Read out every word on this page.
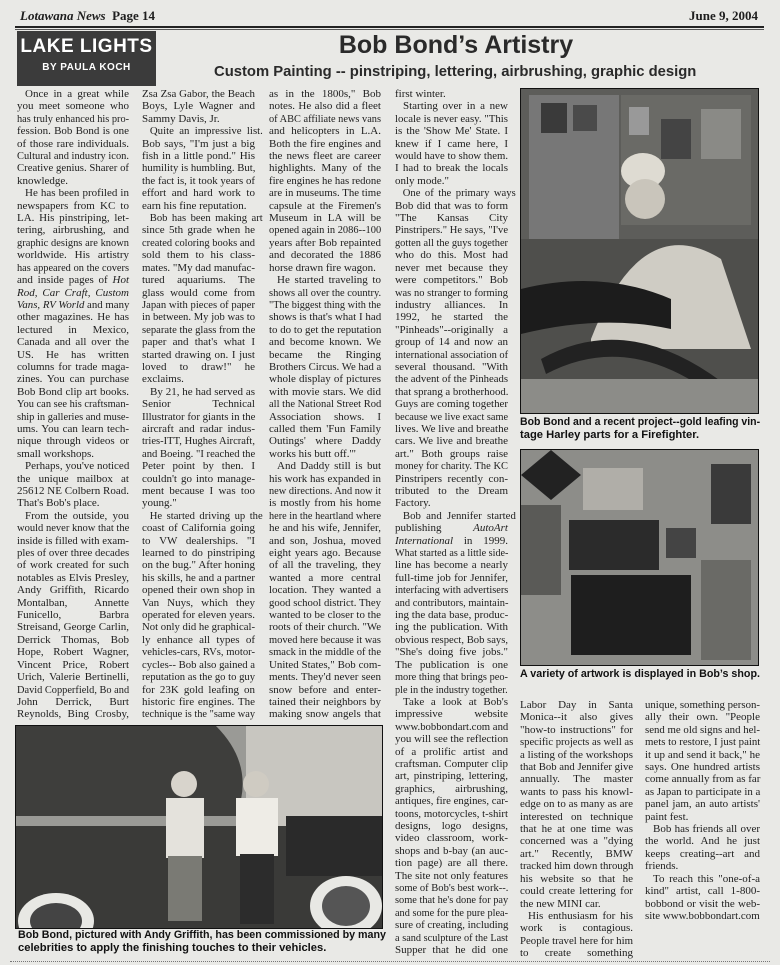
Lotawana News Page 14	June 9, 2004
LAKE LIGHTS
BY PAULA KOCH
Bob Bond’s Artistry
Custom Painting -- pinstriping, lettering, airbrushing, graphic design
Bob Bond and a recent project--gold leafing vin-
tage Harley parts for a Firefighter.
A variety of artwork is displayed in Bob’s shop.
Bob Bond, pictured with Andy Griffith, has been commissioned by many
celebrities to apply the finishing touches to their vehicles.
Once in a great while
you meet someone who
has truly enhanced his pro-
fession. Bob Bond is one
of those rare individuals.
Cultural and industry icon.
Creative genius. Sharer of
knowledge.
He has been profiled in
newspapers from KC to
LA. His pinstriping, let-
tering, airbrushing, and
graphic designs are known
worldwide. His artistry
has appeared on the covers
and inside pages of Hot
Rod, Car Craft, Custom
Vans, RV World and many
other magazines. He has
lectured in Mexico,
Canada and all over the
US. He has written
columns for trade maga-
zines. You can purchase
Bob Bond clip art books.
You can see his craftsman-
ship in galleries and muse-
ums. You can learn tech-
nique through videos or
small workshops.
Perhaps, you've noticed
the unique mailbox at
25612 NE Colbern Road.
That's Bob's place.
From the outside, you
would never know that the
inside is filled with exam-
ples of over three decades
of work created for such
notables as Elvis Presley,
Andy Griffith, Ricardo
Montalban, Annette
Funicello, Barbra
Streisand, George Carlin,
Derrick Thomas, Bob
Hope, Robert Wagner,
Vincent Price, Robert
Urich, Valerie Bertinelli,
David Copperfield, Bo and
John Derrick, Burt
Reynolds, Bing Crosby,
Zsa Zsa Gabor, the Beach
Boys, Lyle Wagner and
Sammy Davis, Jr.
Quite an impressive list.
Bob says, "I'm just a big
fish in a little pond." His
humility is humbling. But,
the fact is, it took years of
effort and hard work to
earn his fine reputation.
Bob has been making art
since 5th grade when he
created coloring books and
sold them to his class-
mates. "My dad manufac-
tured aquariums. The
glass would come from
Japan with pieces of paper
in between. My job was to
separate the glass from the
paper and that's what I
started drawing on. I just
loved to draw!" he
exclaims.
By 21, he had served as
Senior Technical
Illustrator for giants in the
aircraft and radar indus-
tries-ITT, Hughes Aircraft,
and Boeing. "I reached the
Peter point by then. I
couldn't go into manage-
ment because I was too
young."
He started driving up the
coast of California going
to VW dealerships. "I
learned to do pinstriping
on the bug." After honing
his skills, he and a partner
opened their own shop in
Van Nuys, which they
operated for eleven years.
Not only did he graphical-
ly enhance all types of
vehicles-cars, RVs, motor-
cycles-- Bob also gained a
reputation as the go to guy
for 23K gold leafing on
historic fire engines. The
technique is the "same way
as in the 1800s," Bob
notes. He also did a fleet
of ABC affiliate news vans
and helicopters in L.A.
Both the fire engines and
the news fleet are career
highlights. Many of the
fire engines he has redone
are in museums. The time
capsule at the Firemen's
Museum in LA will be
opened again in 2086--100
years after Bob repainted
and decorated the 1886
horse drawn fire wagon.
He started traveling to
shows all over the country.
"The biggest thing with the
shows is that's what I had
to do to get the reputation
and become known. We
became the Ringing
Brothers Circus. We had a
whole display of pictures
with movie stars. We did
all the National Street Rod
Association shows. I
called them 'Fun Family
Outings' where Daddy
works his butt off.'"
And Daddy still is but
his work has expanded in
new directions. And now it
is mostly from his home
here in the heartland where
he and his wife, Jennifer,
and son, Joshua, moved
eight years ago. Because
of all the traveling, they
wanted a more central
location. They wanted a
good school district. They
wanted to be closer to the
roots of their church. "We
moved here because it was
smack in the middle of the
United States," Bob com-
ments. They'd never seen
snow before and enter-
tained their neighbors by
making snow angels that
first winter.
Starting over in a new
locale is never easy. "This
is the 'Show Me' State. I
knew if I came here, I
would have to show them.
I had to break the locals
only mode."
One of the primary ways
Bob did that was to form
"The Kansas City
Pinstripers." He says, "I've
gotten all the guys together
who do this. Most had
never met because they
were competitors." Bob
was no stranger to forming
industry alliances. In
1992, he started the
"Pinheads"--originally a
group of 14 and now an
international association of
several thousand. "With
the advent of the Pinheads
that sprang a brotherhood.
Guys are coming together
because we live exact same
lives. We live and breathe
cars. We live and breathe
art." Both groups raise
money for charity. The KC
Pinstripers recently con-
tributed to the Dream
Factory.
Bob and Jennifer started
publishing AutoArt
International in 1999.
What started as a little side-
line has become a nearly
full-time job for Jennifer,
interfacing with advertisers
and contributors, maintain-
ing the data base, produc-
ing the publication. With
obvious respect, Bob says,
"She's doing five jobs."
The publication is one
more thing that brings peo-
ple in the industry together.
Take a look at Bob's
impressive website
www.bobbondart.com and
you will see the reflection
of a prolific artist and
craftsman. Computer clip
art, pinstriping, lettering,
graphics, airbrushing,
antiques, fire engines, car-
toons, motorcycles, t-shirt
designs, logo designs,
video classroom, work-
shops and b-bay (an auc-
tion page) are all there.
The site not only features
some of Bob's best work--.
some that he's done for pay
and some for the pure plea-
sure of creating, including
a sand sculpture of the Last
Supper that he did one
Labor Day in Santa
Monica--it also gives
"how-to instructions" for
specific projects as well as
a listing of the workshops
that Bob and Jennifer give
annually. The master
wants to pass his knowl-
edge on to as many as are
interested on technique
that he at one time was
concerned was a "dying
art." Recently, BMW
tracked him down through
his website so that he
could create lettering for
the new MINI car.
His enthusiasm for his
work is contagious.
People travel here for him
to create something
unique, something person-
ally their own. "People
send me old signs and hel-
mets to restore, I just paint
it up and send it back," he
says. One hundred artists
come annually from as far
as Japan to participate in a
panel jam, an auto artists'
paint fest.
Bob has friends all over
the world. And he just
keeps creating--art and
friends.
To reach this "one-of-a
kind" artist, call 1-800-
bobbond or visit the web-
site www.bobbondart.com
